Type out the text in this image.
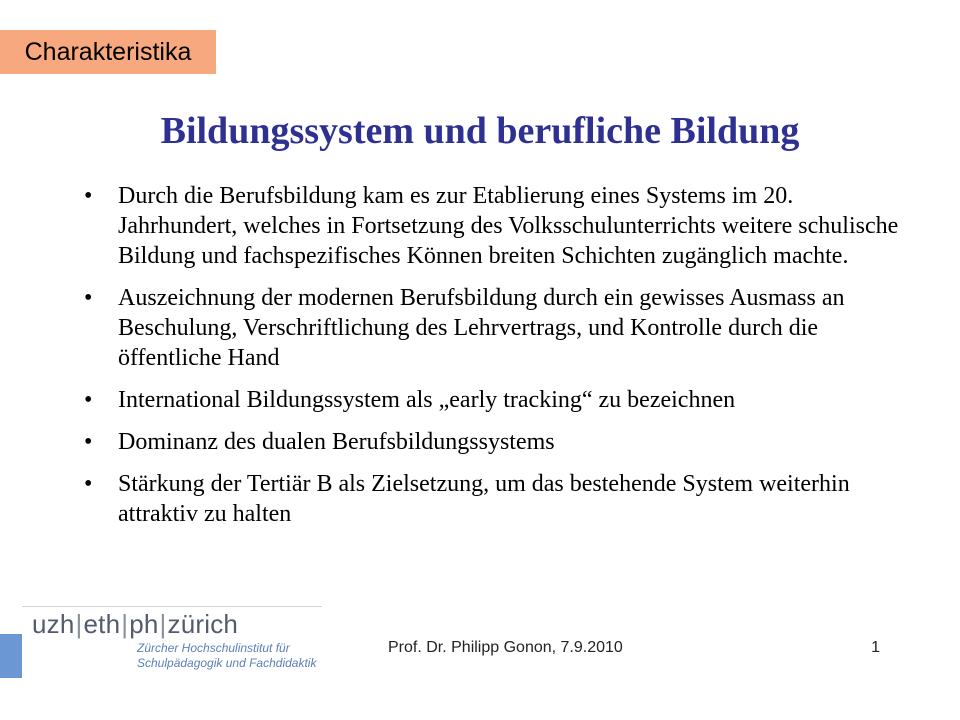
Charakteristika
Bildungssystem und berufliche Bildung
• Durch die Berufsbildung kam es zur Etablierung eines Systems im 20. Jahrhundert, welches in Fortsetzung des Volksschulunterrichts weitere schulische Bildung und fachspezifisches Können breiten Schichten zugänglich machte.
• Auszeichnung der modernen Berufsbildung durch ein gewisses Ausmass an Beschulung, Verschriftlichung des Lehrvertrags, und Kontrolle durch die öffentliche Hand
• International Bildungssystem als „early tracking“ zu bezeichnen
• Dominanz des dualen Berufsbildungssystems
• Stärkung der Tertiär B als Zielsetzung, um das bestehende System weiterhin attraktiv zu halten
uzh|eth|ph|zürich
Zürcher Hochschulinstitut für
Schulpädagogik und Fachdidaktik
Prof. Dr. Philipp Gonon, 7.9.2010	1
